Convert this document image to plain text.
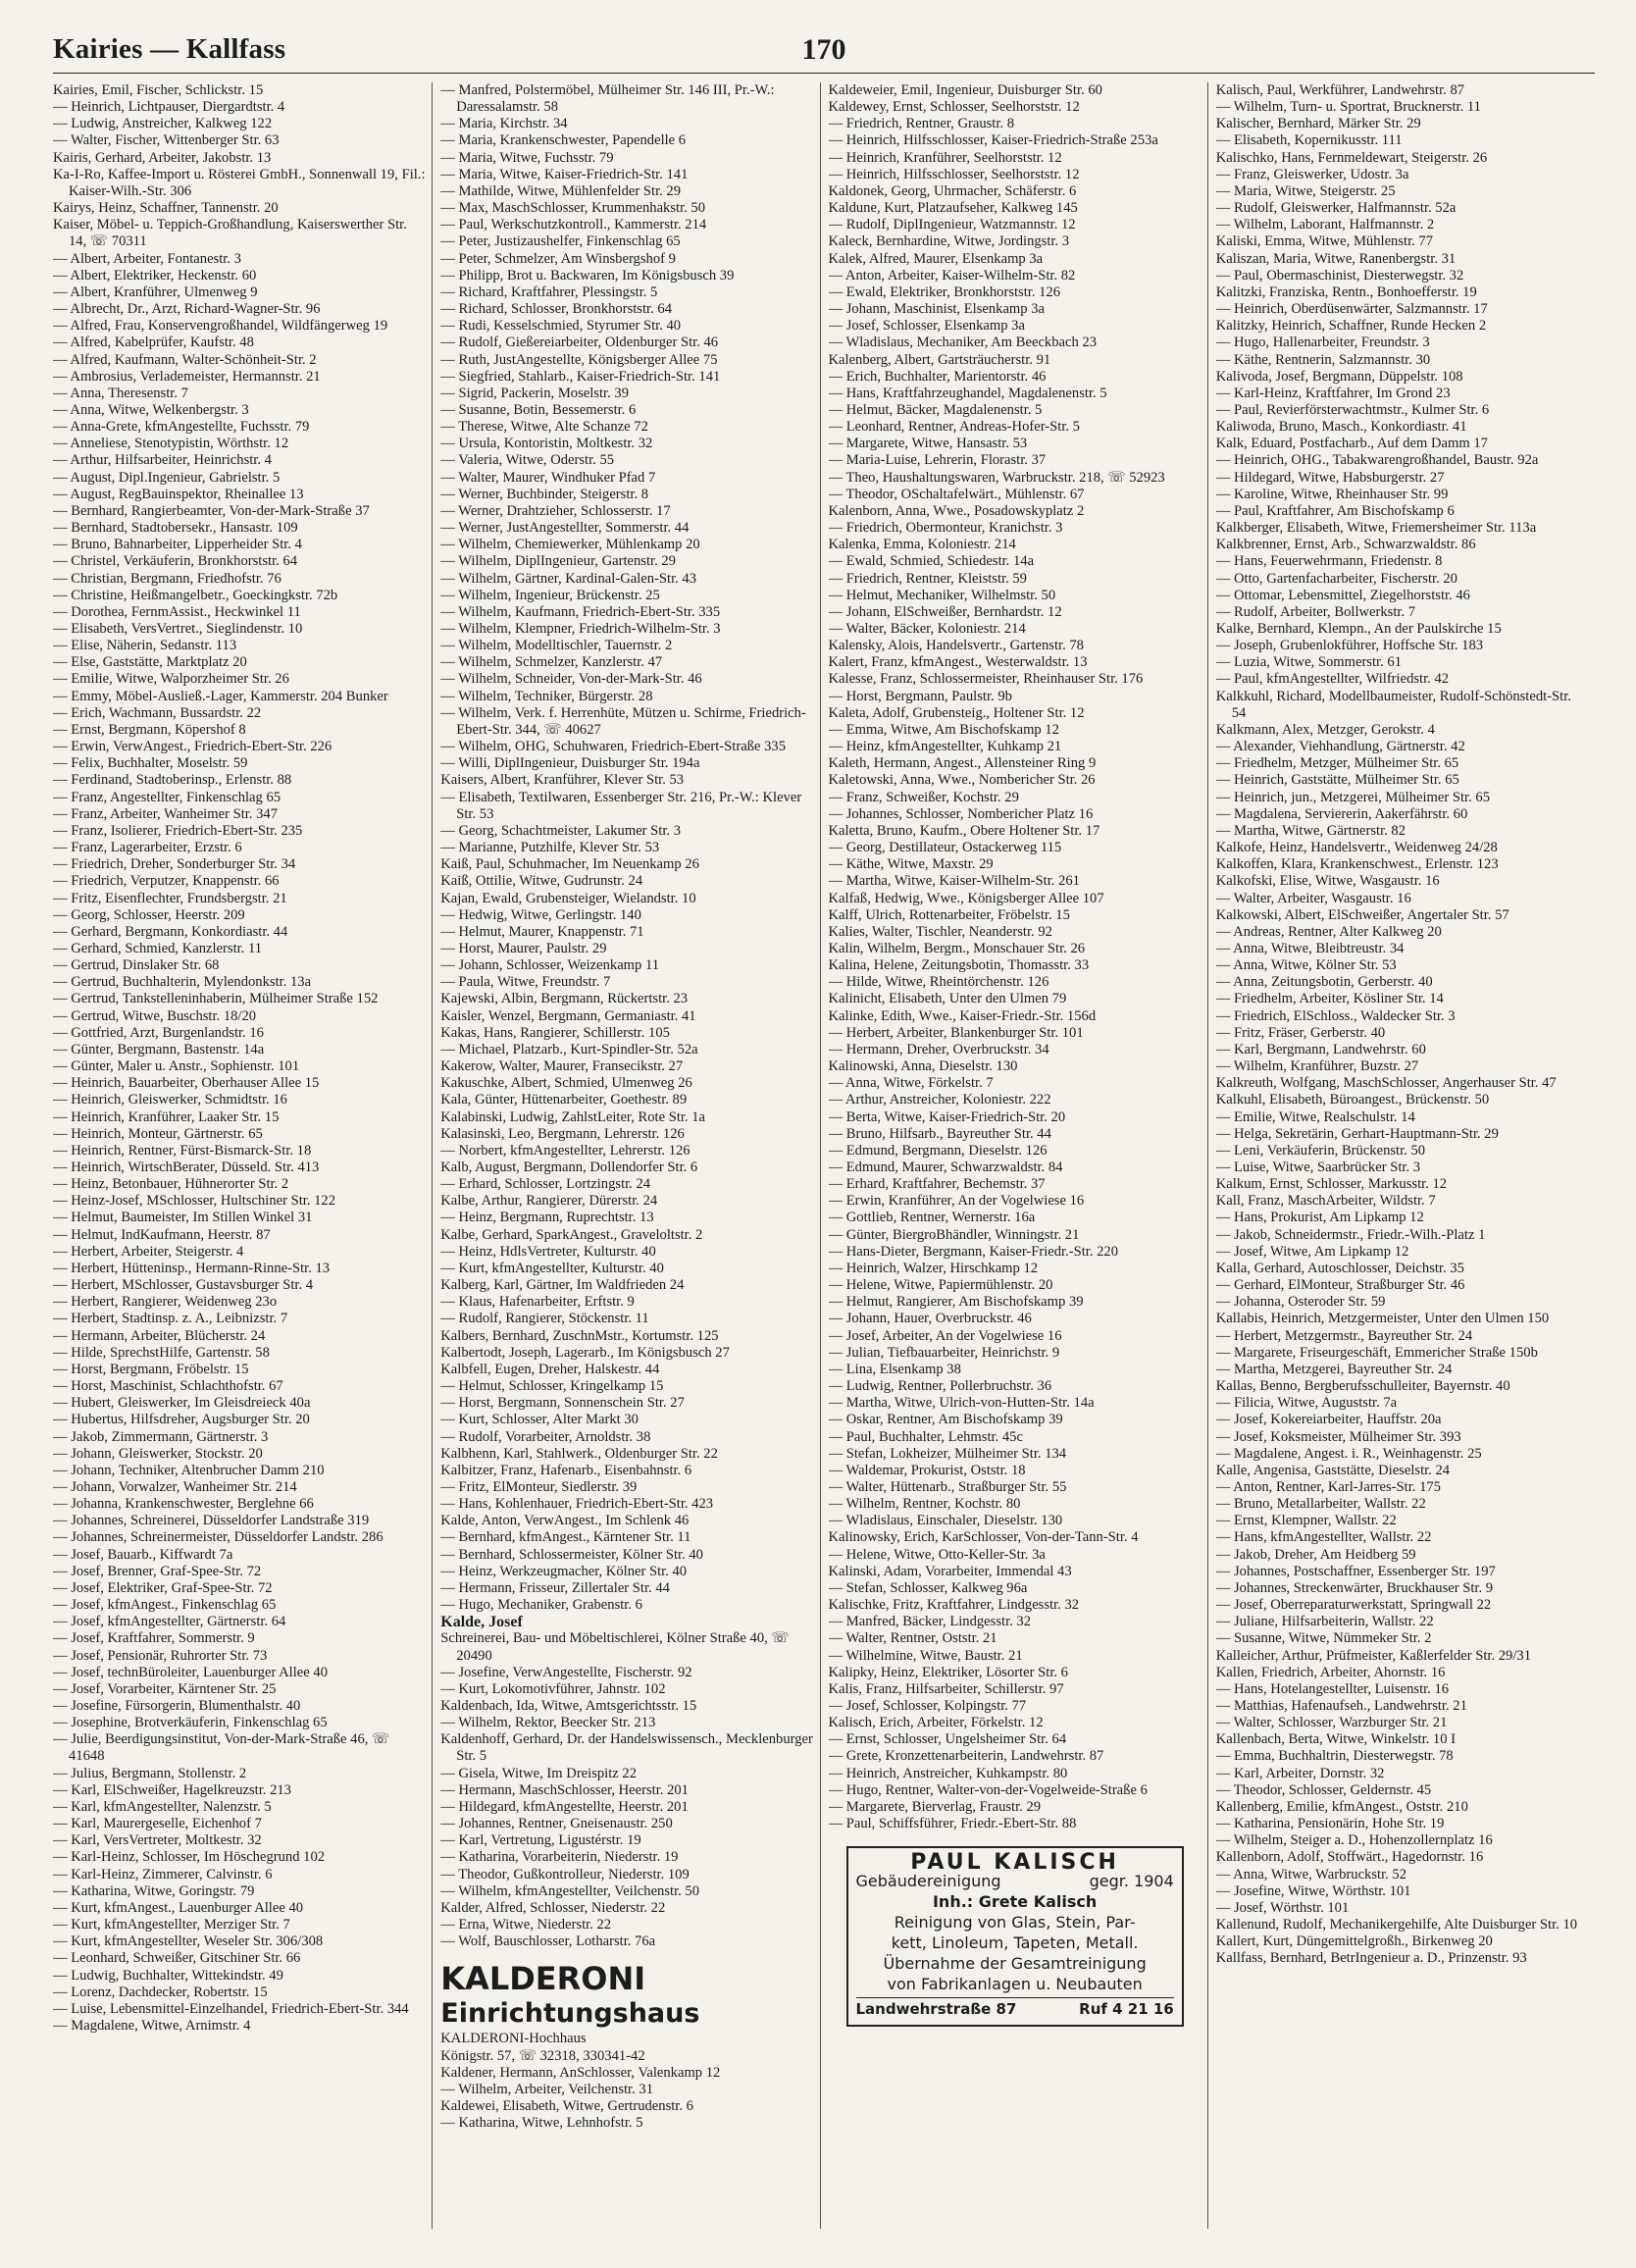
Kairies — Kallfass	170
Kairies, Emil, Fischer, Schlickstr. 15
— Heinrich, Lichtpauser, Diergardtstr. 4
— Ludwig, Anstreicher, Kalkweg 122
— Walter, Fischer, Wittenberger Str. 63
Kairis, Gerhard, Arbeiter, Jakobstr. 13
Ka-I-Ro, Kaffee-Import u. Rösterei GmbH., Sonnenwall 19, Fil.: Kaiser-Wilh.-Str. 306
Kairys, Heinz, Schaffner, Tannenstr. 20
Kaiser, Möbel- u. Teppich-Großhandlung, Kaiserswerther Str. 14, ☏ 70311
— Albert, Arbeiter, Fontanestr. 3
— Albert, Elektriker, Heckenstr. 60
— Albert, Kranführer, Ulmenweg 9
— Albrecht, Dr., Arzt, Richard-Wagner-Str. 96
— Alfred, Frau, Konservengroßhandel, Wildfängerweg 19
— Alfred, Kabelprüfer, Kaufstr. 48
— Alfred, Kaufmann, Walter-Schönheit-Str. 2
— Ambrosius, Verlademeister, Hermannstr. 21
— Anna, Theresenstr. 7
— Anna, Witwe, Welkenbergstr. 3
— Anna-Grete, kfmAngestellte, Fuchsstr. 79
— Anneliese, Stenotypistin, Wörthstr. 12
— Arthur, Hilfsarbeiter, Heinrichstr. 4
— August, Dipl.Ingenieur, Gabrielstr. 5
— August, RegBauinspektor, Rheinallee 13
— Bernhard, Rangierbeamter, Von-der-Mark-Straße 37
— Bernhard, Stadtobersekr., Hansastr. 109
— Bruno, Bahnarbeiter, Lipperheider Str. 4
— Christel, Verkäuferin, Bronkhorststr. 64
— Christian, Bergmann, Friedhofstr. 76
— Christine, Heißmangelbetr., Goeckingkstr. 72b
— Dorothea, FernmAssist., Heckwinkel 11
— Elisabeth, VersVertret., Sieglindenstr. 10
— Elise, Näherin, Sedanstr. 113
— Else, Gaststätte, Marktplatz 20
— Emilie, Witwe, Walporzheimer Str. 26
— Emmy, Möbel-Ausließ.-Lager, Kammerstr. 204 Bunker
— Erich, Wachmann, Bussardstr. 22
— Ernst, Bergmann, Köpershof 8
— Erwin, VerwAngest., Friedrich-Ebert-Str. 226
— Felix, Buchhalter, Moselstr. 59
— Ferdinand, Stadtoberinsp., Erlenstr. 88
— Franz, Angestellter, Finkenschlag 65
— Franz, Arbeiter, Wanheimer Str. 347
— Franz, Isolierer, Friedrich-Ebert-Str. 235
— Franz, Lagerarbeiter, Erzstr. 6
— Friedrich, Dreher, Sonderburger Str. 34
— Friedrich, Verputzer, Knappenstr. 66
— Fritz, Eisenflechter, Frundsbergstr. 21
— Georg, Schlosser, Heerstr. 209
— Gerhard, Bergmann, Konkordiastr. 44
— Gerhard, Schmied, Kanzlerstr. 11
— Gertrud, Dinslaker Str. 68
— Gertrud, Buchhalterin, Mylendonkstr. 13a
— Gertrud, Tankstelleninhaberin, Mülheimer Straße 152
— Gertrud, Witwe, Buschstr. 18/20
— Gottfried, Arzt, Burgenlandstr. 16
— Günter, Bergmann, Bastenstr. 14a
— Günter, Maler u. Anstr., Sophienstr. 101
— Heinrich, Bauarbeiter, Oberhauser Allee 15
— Heinrich, Gleiswerker, Schmidtstr. 16
— Heinrich, Kranführer, Laaker Str. 15
— Heinrich, Monteur, Gärtnerstr. 65
— Heinrich, Rentner, Fürst-Bismarck-Str. 18
— Heinrich, WirtschBerater, Düsseld. Str. 413
— Heinz, Betonbauer, Hühnerorter Str. 2
— Heinz-Josef, MSchlosser, Hultschiner Str. 122
— Helmut, Baumeister, Im Stillen Winkel 31
— Helmut, IndKaufmann, Heerstr. 87
— Herbert, Arbeiter, Steigerstr. 4
— Herbert, Hütteninsp., Hermann-Rinne-Str. 13
— Herbert, MSchlosser, Gustavsburger Str. 4
— Herbert, Rangierer, Weidenweg 23o
— Herbert, Stadtinsp. z. A., Leibnizstr. 7
— Hermann, Arbeiter, Blücherstr. 24
— Hilde, SprechstHilfe, Gartenstr. 58
— Horst, Bergmann, Fröbelstr. 15
— Horst, Maschinist, Schlachthofstr. 67
— Hubert, Gleiswerker, Im Gleisdreieck 40a
— Hubertus, Hilfsdreher, Augsburger Str. 20
— Jakob, Zimmermann, Gärtnerstr. 3
— Johann, Gleiswerker, Stockstr. 20
— Johann, Techniker, Altenbrucher Damm 210
— Johann, Vorwalzer, Wanheimer Str. 214
— Johanna, Krankenschwester, Berglehne 66
— Johannes, Schreinerei, Düsseldorfer Landstraße 319
— Johannes, Schreinermeister, Düsseldorfer Landstr. 286
— Josef, Bauarb., Kiffwardt 7a
— Josef, Brenner, Graf-Spee-Str. 72
— Josef, Elektriker, Graf-Spee-Str. 72
— Josef, kfmAngest., Finkenschlag 65
— Josef, kfmAngestellter, Gärtnerstr. 64
— Josef, Kraftfahrer, Sommerstr. 9
— Josef, Pensionär, Ruhrorter Str. 73
— Josef, technBüroleiter, Lauenburger Allee 40
— Josef, Vorarbeiter, Kärntener Str. 25
— Josefine, Fürsorgerin, Blumenthalstr. 40
— Josephine, Brotverkäuferin, Finkenschlag 65
— Julie, Beerdigungsinstitut, Von-der-Mark-Straße 46, ☏ 41648
— Julius, Bergmann, Stollenstr. 2
— Karl, ElSchweißer, Hagelkreuzstr. 213
— Karl, kfmAngestellter, Nalenzstr. 5
— Karl, Maurergeselle, Eichenhof 7
— Karl, VersVertreter, Moltkestr. 32
— Karl-Heinz, Schlosser, Im Höschegrund 102
— Karl-Heinz, Zimmerer, Calvinstr. 6
— Katharina, Witwe, Goringstr. 79
— Kurt, kfmAngest., Lauenburger Allee 40
— Kurt, kfmAngestellter, Merziger Str. 7
— Kurt, kfmAngestellter, Weseler Str. 306/308
— Leonhard, Schweißer, Gitschiner Str. 66
— Ludwig, Buchhalter, Wittekindstr. 49
— Lorenz, Dachdecker, Robertstr. 15
— Luise, Lebensmittel-Einzelhandel, Friedrich-Ebert-Str. 344
— Magdalene, Witwe, Arnimstr. 4
— Manfred, Polstermöbel, Mülheimer Str. 146 III, Pr.-W.: Daressalamstr. 58
— Maria, Kirchstr. 34
— Maria, Krankenschwester, Papendelle 6
— Maria, Witwe, Fuchsstr. 79
— Maria, Witwe, Kaiser-Friedrich-Str. 141
— Mathilde, Witwe, Mühlenfelder Str. 29
— Max, MaschSchlosser, Krummenhakstr. 50
— Paul, Werkschutzkontroll., Kammerstr. 214
— Peter, Justizaushelfer, Finkenschlag 65
— Peter, Schmelzer, Am Winsbergshof 9
— Philipp, Brot u. Backwaren, Im Königsbusch 39
— Richard, Kraftfahrer, Plessingstr. 5
— Richard, Schlosser, Bronkhorststr. 64
— Rudi, Kesselschmied, Styrumer Str. 40
— Rudolf, Gießereiarbeiter, Oldenburger Str. 46
— Ruth, JustAngestellte, Königsberger Allee 75
— Siegfried, Stahlarb., Kaiser-Friedrich-Str. 141
— Sigrid, Packerin, Moselstr. 39
— Susanne, Botin, Bessemerstr. 6
— Therese, Witwe, Alte Schanze 72
— Ursula, Kontoristin, Moltkestr. 32
— Valeria, Witwe, Oderstr. 55
— Walter, Maurer, Windhuker Pfad 7
— Werner, Buchbinder, Steigerstr. 8
— Werner, Drahtzieher, Schlosserstr. 17
— Werner, JustAngestellter, Sommerstr. 44
— Wilhelm, Chemiewerker, Mühlenkamp 20
— Wilhelm, DiplIngenieur, Gartenstr. 29
— Wilhelm, Gärtner, Kardinal-Galen-Str. 43
— Wilhelm, Ingenieur, Brückenstr. 25
— Wilhelm, Kaufmann, Friedrich-Ebert-Str. 335
— Wilhelm, Klempner, Friedrich-Wilhelm-Str. 3
— Wilhelm, Modelltischler, Tauernstr. 2
— Wilhelm, Schmelzer, Kanzlerstr. 47
— Wilhelm, Schneider, Von-der-Mark-Str. 46
— Wilhelm, Techniker, Bürgerstr. 28
— Wilhelm, Verk. f. Herrenhüte, Mützen u. Schirme, Friedrich-Ebert-Str. 344, ☏ 40627
— Wilhelm, OHG, Schuhwaren, Friedrich-Ebert-Straße 335
— Willi, DiplIngenieur, Duisburger Str. 194a
Kaisers, Albert, Kranführer, Klever Str. 53
— Elisabeth, Textilwaren, Essenberger Str. 216, Pr.-W.: Klever Str. 53
— Georg, Schachtmeister, Lakumer Str. 3
— Marianne, Putzhilfe, Klever Str. 53
Kaiß, Paul, Schuhmacher, Im Neuenkamp 26
Kaiß, Ottilie, Witwe, Gudrunstr. 24
Kajan, Ewald, Grubensteiger, Wielandstr. 10
— Hedwig, Witwe, Gerlingstr. 140
— Helmut, Maurer, Knappenstr. 71
— Horst, Maurer, Paulstr. 29
— Johann, Schlosser, Weizenkamp 11
— Paula, Witwe, Freundstr. 7
Kajewski, Albin, Bergmann, Rückertstr. 23
Kaisler, Wenzel, Bergmann, Germaniastr. 41
Kakas, Hans, Rangierer, Schillerstr. 105
— Michael, Platzarb., Kurt-Spindler-Str. 52a
Kakerow, Walter, Maurer, Fransecikstr. 27
Kakuschke, Albert, Schmied, Ulmenweg 26
Kala, Günter, Hüttenarbeiter, Goethestr. 89
Kalabinski, Ludwig, ZahlstLeiter, Rote Str. 1a
Kalasinski, Leo, Bergmann, Lehrerstr. 126
— Norbert, kfmAngestellter, Lehrerstr. 126
Kalb, August, Bergmann, Dollendorfer Str. 6
— Erhard, Schlosser, Lortzingstr. 24
Kalbe, Arthur, Rangierer, Dürerstr. 24
— Heinz, Bergmann, Ruprechtstr. 13
Kalbe, Gerhard, SparkAngest., Graveloltstr. 2
— Heinz, HdlsVertreter, Kulturstr. 40
— Kurt, kfmAngestellter, Kulturstr. 40
Kalberg, Karl, Gärtner, Im Waldfrieden 24
— Klaus, Hafenarbeiter, Erftstr. 9
— Rudolf, Rangierer, Stöckenstr. 11
Kalbers, Bernhard, ZuschnMstr., Kortumstr. 125
Kalbertodt, Joseph, Lagerarb., Im Königsbusch 27
Kalbfell, Eugen, Dreher, Halskestr. 44
— Helmut, Schlosser, Kringelkamp 15
— Horst, Bergmann, Sonnenschein Str. 27
— Kurt, Schlosser, Alter Markt 30
— Rudolf, Vorarbeiter, Arnoldstr. 38
Kalbhenn, Karl, Stahlwerk., Oldenburger Str. 22
Kalbitzer, Franz, Hafenarb., Eisenbahnstr. 6
— Fritz, ElMonteur, Siedlerstr. 39
— Hans, Kohlenhauer, Friedrich-Ebert-Str. 423
Kalde, Anton, VerwAngest., Im Schlenk 46
— Bernhard, kfmAngest., Kärntener Str. 11
— Bernhard, Schlossermeister, Kölner Str. 40
— Heinz, Werkzeugmacher, Kölner Str. 40
— Hermann, Frisseur, Zillertaler Str. 44
— Hugo, Mechaniker, Grabenstr. 6
Kalde, Josef
Schreinerei, Bau- und Möbeltischlerei, Kölner Straße 40, ☏ 20490
— Josefine, VerwAngestellte, Fischerstr. 92
— Kurt, Lokomotivführer, Jahnstr. 102
Kaldenbach, Ida, Witwe, Amtsgerichtsstr. 15
— Wilhelm, Rektor, Beecker Str. 213
Kaldenhoff, Gerhard, Dr. der Handelswissensch., Mecklenburger Str. 5
— Gisela, Witwe, Im Dreispitz 22
— Hermann, MaschSchlosser, Heerstr. 201
— Hildegard, kfmAngestellte, Heerstr. 201
— Johannes, Rentner, Gneisenaustr. 250
— Karl, Vertretung, Ligustérstr. 19
— Katharina, Vorarbeiterin, Niederstr. 19
— Theodor, Gußkontrolleur, Niederstr. 109
— Wilhelm, kfmAngestellter, Veilchenstr. 50
Kalder, Alfred, Schlosser, Niederstr. 22
— Erna, Witwe, Niederstr. 22
— Wolf, Bauschlosser, Lotharstr. 76a
KALDERONI
Einrichtungshaus
KALDERONI-Hochhaus
Königstr. 57, ☏ 32318, 330341-42
Kaldener, Hermann, AnSchlosser, Valenkamp 12
— Wilhelm, Arbeiter, Veilchenstr. 31
Kaldewei, Elisabeth, Witwe, Gertrudenstr. 6
— Katharina, Witwe, Lehnhofstr. 5
Kaldeweier, Emil, Ingenieur, Duisburger Str. 60
Kaldewey, Ernst, Schlosser, Seelhorststr. 12
— Friedrich, Rentner, Graustr. 8
— Heinrich, Hilfsschlosser, Kaiser-Friedrich-Straße 253a
— Heinrich, Kranführer, Seelhorststr. 12
— Heinrich, Hilfsschlosser, Seelhorststr. 12
Kaldonek, Georg, Uhrmacher, Schäferstr. 6
Kaldune, Kurt, Platzaufseher, Kalkweg 145
— Rudolf, DiplIngenieur, Watzmannstr. 12
Kaleck, Bernhardine, Witwe, Jordingstr. 3
Kalek, Alfred, Maurer, Elsenkamp 3a
— Anton, Arbeiter, Kaiser-Wilhelm-Str. 82
— Ewald, Elektriker, Bronkhorststr. 126
— Johann, Maschinist, Elsenkamp 3a
— Josef, Schlosser, Elsenkamp 3a
— Wladislaus, Mechaniker, Am Beeckbach 23
Kalenberg, Albert, Gartsträucherstr. 91
— Erich, Buchhalter, Marientorstr. 46
— Hans, Kraftfahrzeughandel, Magdalenenstr. 5
— Helmut, Bäcker, Magdalenenstr. 5
— Leonhard, Rentner, Andreas-Hofer-Str. 5
— Margarete, Witwe, Hansastr. 53
— Maria-Luise, Lehrerin, Florastr. 37
— Theo, Haushaltungswaren, Warbruckstr. 218, ☏ 52923
— Theodor, OSchaltafelwärt., Mühlenstr. 67
Kalenborn, Anna, Wwe., Posadowskyplatz 2
— Friedrich, Obermonteur, Kranichstr. 3
Kalenka, Emma, Koloniestr. 214
— Ewald, Schmied, Schiedestr. 14a
— Friedrich, Rentner, Kleiststr. 59
— Helmut, Mechaniker, Wilhelmstr. 50
— Johann, ElSchweißer, Bernhardstr. 12
— Walter, Bäcker, Koloniestr. 214
Kalensky, Alois, Handelsvertr., Gartenstr. 78
Kalert, Franz, kfmAngest., Westerwaldstr. 13
Kalesse, Franz, Schlossermeister, Rheinhauser Str. 176
— Horst, Bergmann, Paulstr. 9b
Kaleta, Adolf, Grubensteig., Holtener Str. 12
— Emma, Witwe, Am Bischofskamp 12
— Heinz, kfmAngestellter, Kuhkamp 21
Kaleth, Hermann, Angest., Allensteiner Ring 9
Kaletowski, Anna, Wwe., Nombericher Str. 26
— Franz, Schweißer, Kochstr. 29
— Johannes, Schlosser, Nombericher Platz 16
Kaletta, Bruno, Kaufm., Obere Holtener Str. 17
— Georg, Destillateur, Ostackerweg 115
— Käthe, Witwe, Maxstr. 29
— Martha, Witwe, Kaiser-Wilhelm-Str. 261
Kalfaß, Hedwig, Wwe., Königsberger Allee 107
Kalff, Ulrich, Rottenarbeiter, Fröbelstr. 15
Kalies, Walter, Tischler, Neanderstr. 92
Kalin, Wilhelm, Bergm., Monschauer Str. 26
Kalina, Helene, Zeitungsbotin, Thomasstr. 33
— Hilde, Witwe, Rheintörchenstr. 126
Kalinicht, Elisabeth, Unter den Ulmen 79
Kalinke, Edith, Wwe., Kaiser-Friedr.-Str. 156d
— Herbert, Arbeiter, Blankenburger Str. 101
— Hermann, Dreher, Overbruckstr. 34
Kalinowski, Anna, Dieselstr. 130
— Anna, Witwe, Förkelstr. 7
— Arthur, Anstreicher, Koloniestr. 222
— Berta, Witwe, Kaiser-Friedrich-Str. 20
— Bruno, Hilfsarb., Bayreuther Str. 44
— Edmund, Bergmann, Dieselstr. 126
— Edmund, Maurer, Schwarzwaldstr. 84
— Erhard, Kraftfahrer, Bechemstr. 37
— Erwin, Kranführer, An der Vogelwiese 16
— Gottlieb, Rentner, Wernerstr. 16a
— Günter, BiergroBhändler, Winningstr. 21
— Hans-Dieter, Bergmann, Kaiser-Friedr.-Str. 220
— Heinrich, Walzer, Hirschkamp 12
— Helene, Witwe, Papiermühlenstr. 20
— Helmut, Rangierer, Am Bischofskamp 39
— Johann, Hauer, Overbruckstr. 46
— Josef, Arbeiter, An der Vogelwiese 16
— Julian, Tiefbauarbeiter, Heinrichstr. 9
— Lina, Elsenkamp 38
— Ludwig, Rentner, Pollerbruchstr. 36
— Martha, Witwe, Ulrich-von-Hutten-Str. 14a
— Oskar, Rentner, Am Bischofskamp 39
— Paul, Buchhalter, Lehmstr. 45c
— Stefan, Lokheizer, Mülheimer Str. 134
— Waldemar, Prokurist, Oststr. 18
— Walter, Hüttenarb., Straßburger Str. 55
— Wilhelm, Rentner, Kochstr. 80
— Wladislaus, Einschaler, Dieselstr. 130
Kalinowsky, Erich, KarSchlosser, Von-der-Tann-Str. 4
— Helene, Witwe, Otto-Keller-Str. 3a
Kalinski, Adam, Vorarbeiter, Immendal 43
— Stefan, Schlosser, Kalkweg 96a
Kalischke, Fritz, Kraftfahrer, Lindgesstr. 32
— Manfred, Bäcker, Lindgesstr. 32
— Walter, Rentner, Oststr. 21
— Wilhelmine, Witwe, Baustr. 21
Kalipky, Heinz, Elektriker, Lösorter Str. 6
Kalis, Franz, Hilfsarbeiter, Schillerstr. 97
— Josef, Schlosser, Kolpingstr. 77
Kalisch, Erich, Arbeiter, Förkelstr. 12
— Ernst, Schlosser, Ungelsheimer Str. 64
— Grete, Kronzettenarbeiterin, Landwehrstr. 87
— Heinrich, Anstreicher, Kuhkampstr. 80
— Hugo, Rentner, Walter-von-der-Vogelweide-Straße 6
— Margarete, Bierverlag, Fraustr. 29
— Paul, Schiffsführer, Friedr.-Ebert-Str. 88
PAUL KALISCH
Gebäudereinigung	gegr. 1904
Inh.: Grete Kalisch
Reinigung von Glas, Stein, Par-
kett, Linoleum, Tapeten, Metall.
Übernahme der Gesamtreinigung
von Fabrikanlagen u. Neubauten
Landwehrstraße 87	Ruf 4 21 16
Kalisch, Paul, Werkführer, Landwehrstr. 87
— Wilhelm, Turn- u. Sportrat, Brucknerstr. 11
Kalischer, Bernhard, Märker Str. 29
— Elisabeth, Kopernikusstr. 111
Kalischko, Hans, Fernmeldewart, Steigerstr. 26
— Franz, Gleiswerker, Udostr. 3a
— Maria, Witwe, Steigerstr. 25
— Rudolf, Gleiswerker, Halfmannstr. 52a
— Wilhelm, Laborant, Halfmannstr. 2
Kaliski, Emma, Witwe, Mühlenstr. 77
Kaliszan, Maria, Witwe, Ranenbergstr. 31
— Paul, Obermaschinist, Diesterwegstr. 32
Kalitzki, Franziska, Rentn., Bonhoefferstr. 19
— Heinrich, Oberdüsenwärter, Salzmannstr. 17
Kalitzky, Heinrich, Schaffner, Runde Hecken 2
— Hugo, Hallenarbeiter, Freundstr. 3
— Käthe, Rentnerin, Salzmannstr. 30
Kalivoda, Josef, Bergmann, Düppelstr. 108
— Karl-Heinz, Kraftfahrer, Im Grond 23
— Paul, Revierförsterwachtmstr., Kulmer Str. 6
Kaliwoda, Bruno, Masch., Konkordiastr. 41
Kalk, Eduard, Postfacharb., Auf dem Damm 17
— Heinrich, OHG., Tabakwarengroßhandel, Baustr. 92a
— Hildegard, Witwe, Habsburgerstr. 27
— Karoline, Witwe, Rheinhauser Str. 99
— Paul, Kraftfahrer, Am Bischofskamp 6
Kalkberger, Elisabeth, Witwe, Friemersheimer Str. 113a
Kalkbrenner, Ernst, Arb., Schwarzwaldstr. 86
— Hans, Feuerwehrmann, Friedenstr. 8
— Otto, Gartenfacharbeiter, Fischerstr. 20
— Ottomar, Lebensmittel, Ziegelhorststr. 46
— Rudolf, Arbeiter, Bollwerkstr. 7
Kalke, Bernhard, Klempn., An der Paulskirche 15
— Joseph, Grubenlokführer, Hoffsche Str. 183
— Luzia, Witwe, Sommerstr. 61
— Paul, kfmAngestellter, Wilfriedstr. 42
Kalkkuhl, Richard, Modellbaumeister, Rudolf-Schönstedt-Str. 54
Kalkmann, Alex, Metzger, Gerokstr. 4
— Alexander, Viehhandlung, Gärtnerstr. 42
— Friedhelm, Metzger, Mülheimer Str. 65
— Heinrich, Gaststätte, Mülheimer Str. 65
— Heinrich, jun., Metzgerei, Mülheimer Str. 65
— Magdalena, Serviererin, Aakerfährstr. 60
— Martha, Witwe, Gärtnerstr. 82
Kalkofe, Heinz, Handelsvertr., Weidenweg 24/28
Kalkoffen, Klara, Krankenschwest., Erlenstr. 123
Kalkofski, Elise, Witwe, Wasgaustr. 16
— Walter, Arbeiter, Wasgaustr. 16
Kalkowski, Albert, ElSchweißer, Angertaler Str. 57
— Andreas, Rentner, Alter Kalkweg 20
— Anna, Witwe, Bleibtreustr. 34
— Anna, Witwe, Kölner Str. 53
— Anna, Zeitungsbotin, Gerberstr. 40
— Friedhelm, Arbeiter, Kösliner Str. 14
— Friedrich, ElSchloss., Waldecker Str. 3
— Fritz, Fräser, Gerberstr. 40
— Karl, Bergmann, Landwehrstr. 60
— Wilhelm, Kranführer, Buzstr. 27
Kalkreuth, Wolfgang, MaschSchlosser, Angerhauser Str. 47
Kalkuhl, Elisabeth, Büroangest., Brückenstr. 50
— Emilie, Witwe, Realschulstr. 14
— Helga, Sekretärin, Gerhart-Hauptmann-Str. 29
— Leni, Verkäuferin, Brückenstr. 50
— Luise, Witwe, Saarbrücker Str. 3
Kalkum, Ernst, Schlosser, Markusstr. 12
Kall, Franz, MaschArbeiter, Wildstr. 7
— Hans, Prokurist, Am Lipkamp 12
— Jakob, Schneidermstr., Friedr.-Wilh.-Platz 1
— Josef, Witwe, Am Lipkamp 12
Kalla, Gerhard, Autoschlosser, Deichstr. 35
— Gerhard, ElMonteur, Straßburger Str. 46
— Johanna, Osteroder Str. 59
Kallabis, Heinrich, Metzgermeister, Unter den Ulmen 150
— Herbert, Metzgermstr., Bayreuther Str. 24
— Margarete, Friseurgeschäft, Emmericher Straße 150b
— Martha, Metzgerei, Bayreuther Str. 24
Kallas, Benno, Bergberufsschulleiter, Bayernstr. 40
— Filicia, Witwe, Auguststr. 7a
— Josef, Kokereiarbeiter, Hauffstr. 20a
— Josef, Koksmeister, Mülheimer Str. 393
— Magdalene, Angest. i. R., Weinhagenstr. 25
Kalle, Angenisa, Gaststätte, Dieselstr. 24
— Anton, Rentner, Karl-Jarres-Str. 175
— Bruno, Metallarbeiter, Wallstr. 22
— Ernst, Klempner, Wallstr. 22
— Hans, kfmAngestellter, Wallstr. 22
— Jakob, Dreher, Am Heidberg 59
— Johannes, Postschaffner, Essenberger Str. 197
— Johannes, Streckenwärter, Bruckhauser Str. 9
— Josef, Oberreparaturwerkstatt, Springwall 22
— Juliane, Hilfsarbeiterin, Wallstr. 22
— Susanne, Witwe, Nümmeker Str. 2
Kalleicher, Arthur, Prüfmeister, Kaßlerfelder Str. 29/31
Kallen, Friedrich, Arbeiter, Ahornstr. 16
— Hans, Hotelangestellter, Luisenstr. 16
— Matthias, Hafenaufseh., Landwehrstr. 21
— Walter, Schlosser, Warzburger Str. 21
Kallenbach, Berta, Witwe, Winkelstr. 10 I
— Emma, Buchhaltrin, Diesterwegstr. 78
— Karl, Arbeiter, Dornstr. 32
— Theodor, Schlosser, Geldernstr. 45
Kallenberg, Emilie, kfmAngest., Oststr. 210
— Katharina, Pensionärin, Hohe Str. 19
— Wilhelm, Steiger a. D., Hohenzollernplatz 16
Kallenborn, Adolf, Stoffwärt., Hagedornstr. 16
— Anna, Witwe, Warbruckstr. 52
— Josefine, Witwe, Wörthstr. 101
— Josef, Wörthstr. 101
Kallenund, Rudolf, Mechanikergehilfe, Alte Duisburger Str. 10
Kallert, Kurt, Düngemittelgroßh., Birkenweg 20
Kallfass, Bernhard, BetrIngenieur a. D., Prinzenstr. 93
